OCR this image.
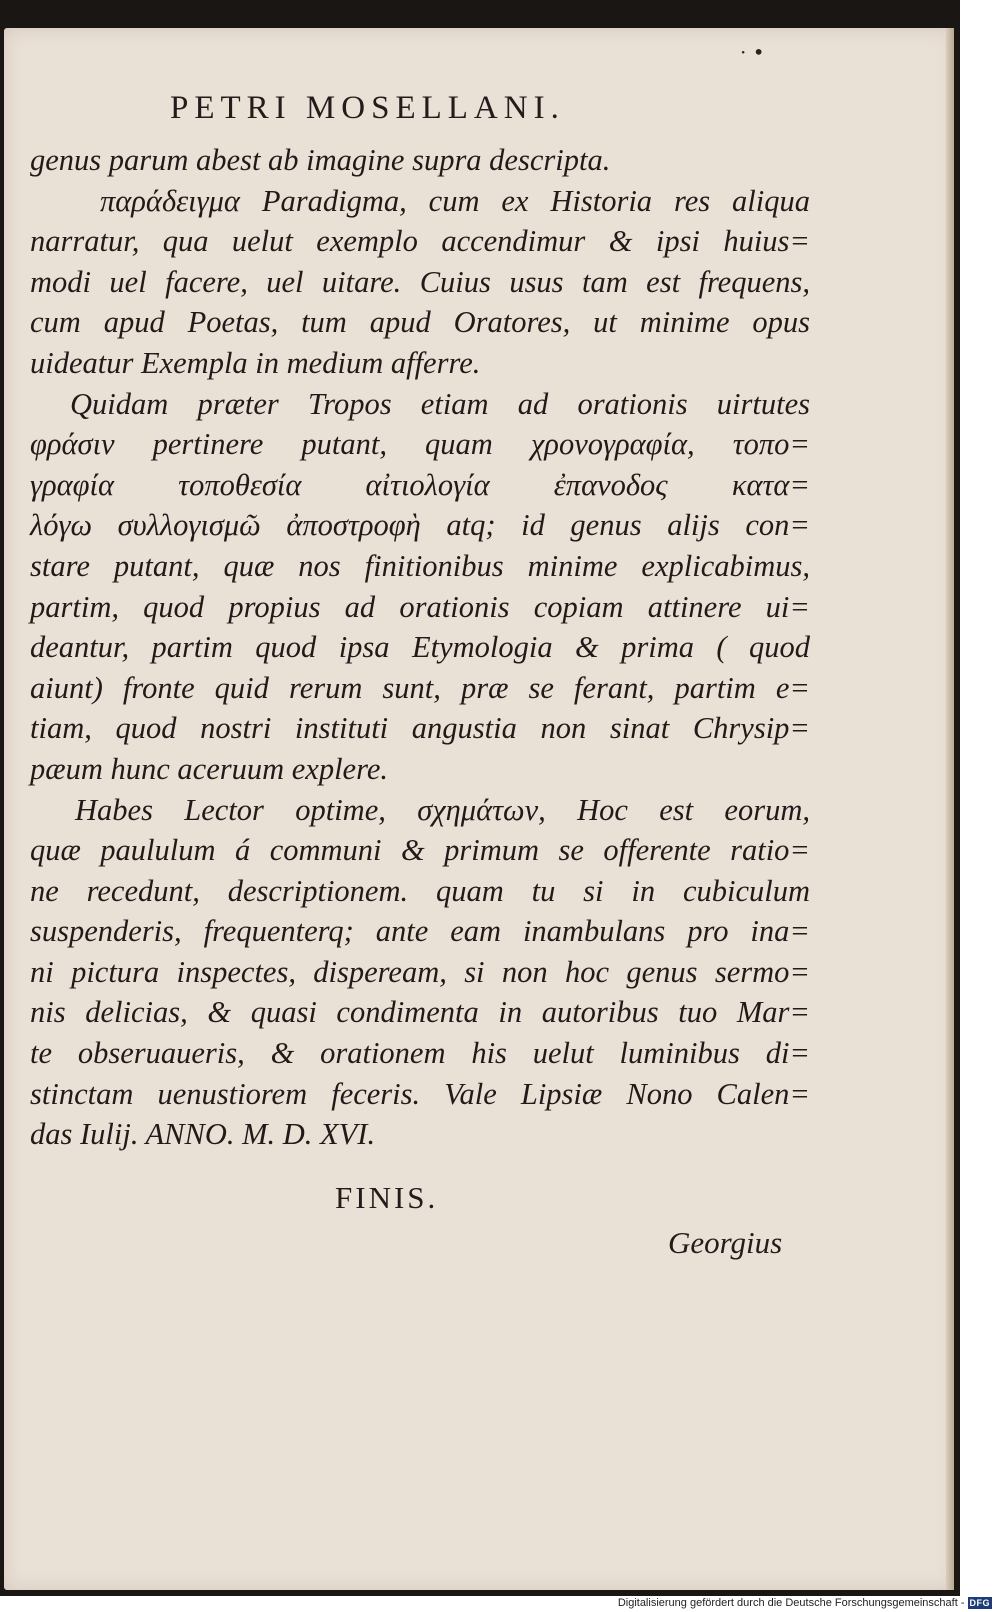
· •
PETRI MOSELLANI.
genus parum abest ab imagine supra descripta.
παράδειγμα Paradigma, cum ex Historia res aliqua
narratur, qua uelut exemplo accendimur & ipsi huius=
modi uel facere, uel uitare. Cuius usus tam est frequens,
cum apud Poetas, tum apud Oratores, ut minime opus
uideatur Exempla in medium afferre.
Quidam præter Tropos etiam ad orationis uirtutes
φράσιν pertinere putant, quam χρονογραφία, τοπο=
γραφία τοποθεσία αἰτιολογία ἐπανοδος κατα=
λόγω συλλογισμῶ ἀποστροφὴ atq; id genus alijs con=
stare putant, quæ nos finitionibus minime explicabimus,
partim, quod propius ad orationis copiam attinere ui=
deantur, partim quod ipsa Etymologia & prima ( quod
aiunt) fronte quid rerum sunt, præ se ferant, partim e=
tiam, quod nostri instituti angustia non sinat Chrysip=
pæum hunc aceruum explere.
Habes Lector optime, σχημάτων, Hoc est eorum,
quæ paululum á communi & primum se offerente ratio=
ne recedunt, descriptionem. quam tu si in cubiculum
suspenderis, frequenterq; ante eam inambulans pro ina=
ni pictura inspectes, dispeream, si non hoc genus sermo=
nis delicias, & quasi condimenta in autoribus tuo Mar=
te obseruaueris, & orationem his uelut luminibus di=
stinctam uenustiorem feceris. Vale Lipsiæ Nono Calen=
das Iulij. ANNO. M. D. XVI.
FINIS.
Georgius
Digitalisierung gefördert durch die Deutsche Forschungsgemeinschaft - DFG
